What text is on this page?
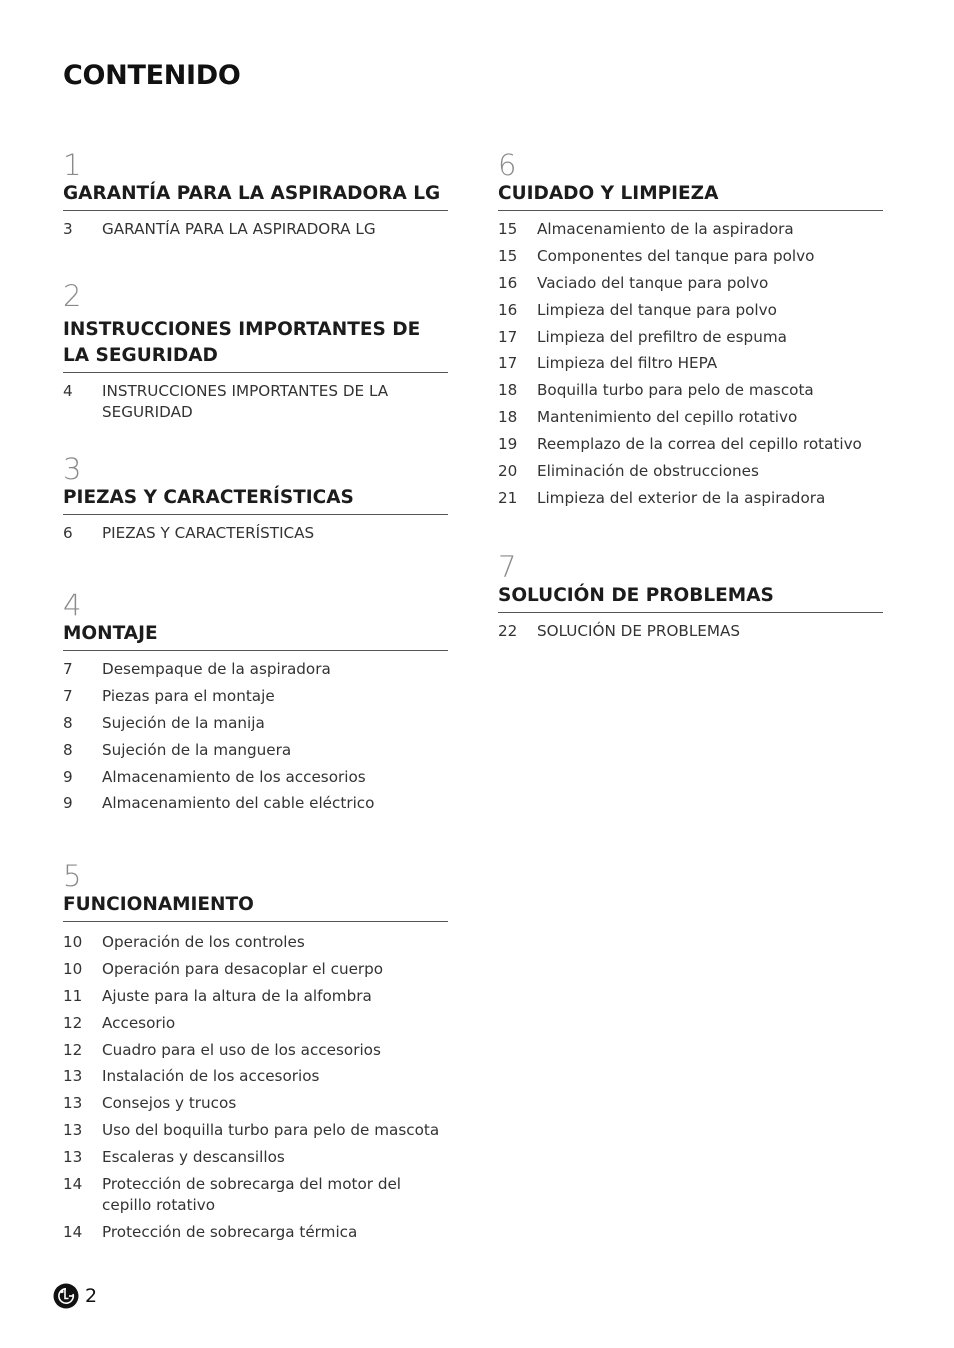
CONTENIDO
1
GARANTÍA PARA LA ASPIRADORA LG
3	GARANTÍA PARA LA ASPIRADORA LG
2
INSTRUCCIONES IMPORTANTES DE LA SEGURIDAD
4	INSTRUCCIONES IMPORTANTES DE LA SEGURIDAD
3
PIEZAS Y CARACTERÍSTICAS
6	PIEZAS Y CARACTERÍSTICAS
4
MONTAJE
7	Desempaque de la aspiradora
7	Piezas para el montaje
8	Sujeción de la manija
8	Sujeción de la manguera
9	Almacenamiento de los accesorios
9	Almacenamiento del cable eléctrico
5
FUNCIONAMIENTO
10	Operación de los controles
10	Operación para desacoplar el cuerpo
11	Ajuste para la altura de la alfombra
12	Accesorio
12	Cuadro para el uso de los accesorios
13	Instalación de los accesorios
13	Consejos y trucos
13	Uso del boquilla turbo para pelo de mascota
13	Escaleras y descansillos
14	Protección de sobrecarga del motor del cepillo rotativo
14	Protección de sobrecarga térmica
6
CUIDADO Y LIMPIEZA
15	Almacenamiento de la aspiradora
15	Componentes del tanque para polvo
16	Vaciado del tanque para polvo
16	Limpieza del tanque para polvo
17	Limpieza del prefiltro de espuma
17	Limpieza del filtro HEPA
18	Boquilla turbo para pelo de mascota
18	Mantenimiento del cepillo rotativo
19	Reemplazo de la correa del cepillo rotativo
20	Eliminación de obstrucciones
21	Limpieza del exterior de la aspiradora
7
SOLUCIÓN DE PROBLEMAS
22	SOLUCIÓN DE PROBLEMAS
2
